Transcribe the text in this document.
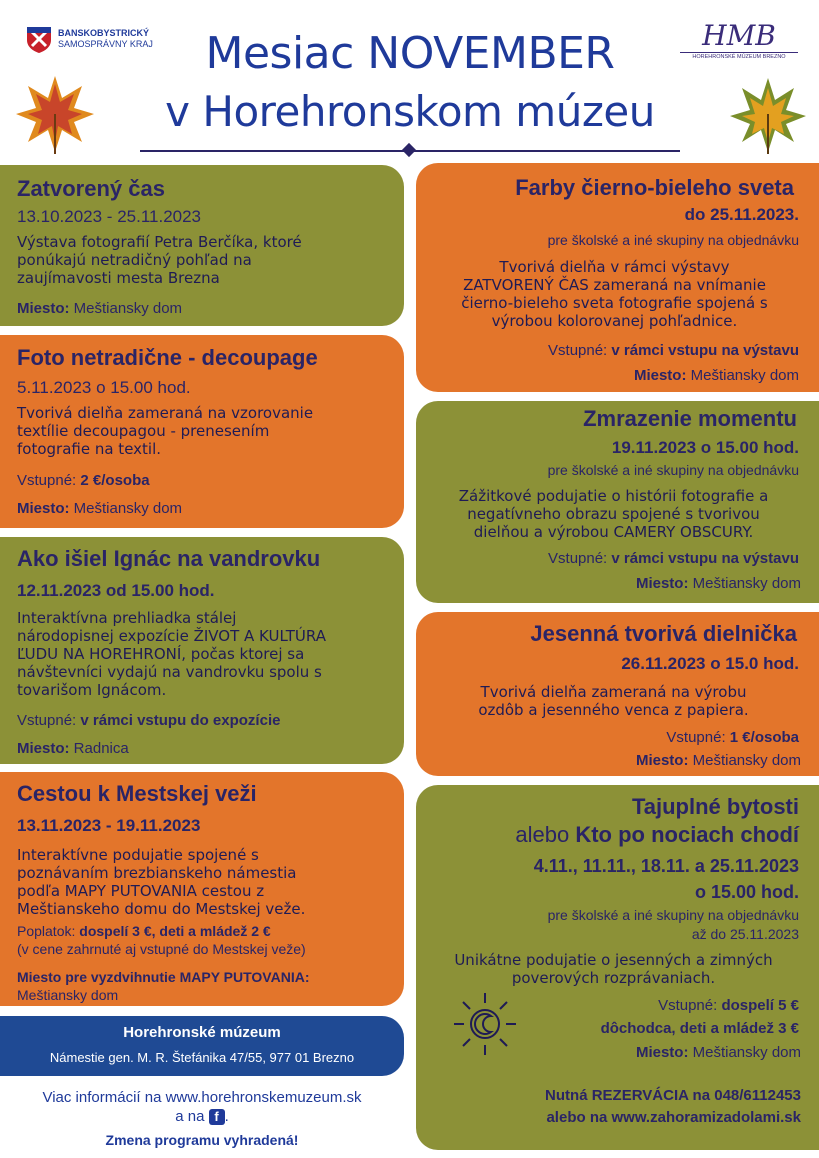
BANSKOBYSTRICKÝ
SAMOSPRÁVNY KRAJ	Mesiac NOVEMBER
v Horehronskom múzeu
HMB
HOREHRONSKÉ MÚZEUM BREZNO
Zatvorený čas
13.10.2023 - 25.11.2023
Výstava fotografií Petra Berčíka, ktoré
ponúkajú netradičný pohľad na
zaujímavosti mesta Brezna
Miesto: Meštiansky dom
Foto netradične - decoupage
5.11.2023 o 15.00 hod.
Tvorivá dielňa zameraná na vzorovanie
textílie decoupagou - prenesením
fotografie na textil.
Vstupné: 2 €/osoba
Miesto: Meštiansky dom
Ako išiel Ignác na vandrovku
12.11.2023 od 15.00 hod.
Interaktívna prehliadka stálej
národopisnej expozície ŽIVOT A KULTÚRA
ĽUDU NA HOREHRONÍ, počas ktorej sa
návštevníci vydajú na vandrovku spolu s
tovarišom Ignácom.
Vstupné: v rámci vstupu do expozície
Miesto: Radnica
Cestou k Mestskej veži
13.11.2023 - 19.11.2023
Interaktívne podujatie spojené s
poznávaním brezbianskeho námestia
podľa MAPY PUTOVANIA cestou z
Meštianskeho domu do Mestskej veže.
Poplatok: dospelí 3 €, deti a mládež 2 €
(v cene zahrnuté aj vstupné do Mestskej veže)
Miesto pre vyzdvihnutie MAPY PUTOVANIA:
Meštiansky dom
Horehronské múzeum
Námestie gen. M. R. Štefánika 47/55, 977 01 Brezno
Viac informácií na www.horehronskemuzeum.sk
a na f .
Zmena programu vyhradená!
Farby čierno-bieleho sveta
do 25.11.2023.
pre školské a iné skupiny na objednávku
Tvorivá dielňa v rámci výstavy
ZATVORENÝ ČAS zameraná na vnímanie
čierno-bieleho sveta fotografie spojená s
výrobou kolorovanej pohľadnice.
Vstupné: v rámci vstupu na výstavu
Miesto: Meštiansky dom
Zmrazenie momentu
19.11.2023 o 15.00 hod.
pre školské a iné skupiny na objednávku
Zážitkové podujatie o histórii fotografie a
negatívneho obrazu spojené s tvorivou
dielňou a výrobou CAMERY OBSCURY.
Vstupné: v rámci vstupu na výstavu
Miesto: Meštiansky dom
Jesenná tvorivá dielnička
26.11.2023 o 15.0 hod.
Tvorivá dielňa zameraná na výrobu
ozdôb a jesenného venca z papiera.
Vstupné: 1 €/osoba
Miesto: Meštiansky dom
Tajuplné bytosti
alebo Kto po nociach chodí
4.11., 11.11., 18.11. a 25.11.2023
o 15.00 hod.
pre školské a iné skupiny na objednávku
až do 25.11.2023
Unikátne podujatie o jesenných a zimných
poverových rozprávaniach.
Vstupné: dospelí 5 €
dôchodca, deti a mládež 3 €
Miesto: Meštiansky dom
Nutná REZERVÁCIA na 048/6112453
alebo na www.zahoramizadolami.sk
